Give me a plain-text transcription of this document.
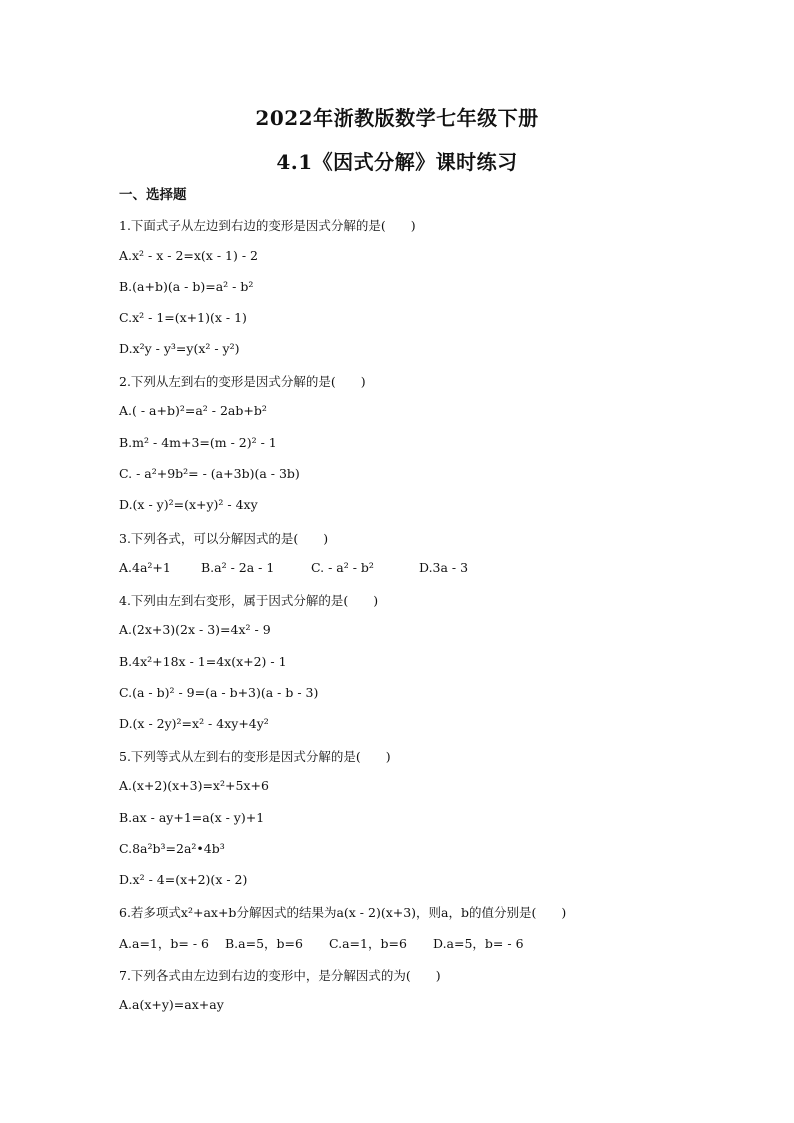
2022年浙教版数学七年级下册
4.1《因式分解》课时练习
一、选择题
1.下面式子从左边到右边的变形是因式分解的是(　　)
A.x² - x - 2=x(x - 1) - 2
B.(a+b)(a - b)=a² - b²
C.x² - 1=(x+1)(x - 1)
D.x²y - y³=y(x² - y²)
2.下列从左到右的变形是因式分解的是(　　)
A.( - a+b)²=a² - 2ab+b²
B.m² - 4m+3=(m - 2)² - 1
C. - a²+9b²= - (a+3b)(a - 3b)
D.(x - y)²=(x+y)² - 4xy
3.下列各式，可以分解因式的是(　　)
A.4a²+1 B.a² - 2a - 1	C. - a² - b²	D.3a - 3
4.下列由左到右变形，属于因式分解的是(　　)
A.(2x+3)(2x - 3)=4x² - 9
B.4x²+18x - 1=4x(x+2) - 1
C.(a - b)² - 9=(a - b+3)(a - b - 3)
D.(x - 2y)²=x² - 4xy+4y²
5.下列等式从左到右的变形是因式分解的是(　　)
A.(x+2)(x+3)=x²+5x+6
B.ax - ay+1=a(x - y)+1
C.8a²b³=2a²•4b³
D.x² - 4=(x+2)(x - 2)
6.若多项式x²+ax+b分解因式的结果为a(x - 2)(x+3)，则a，b的值分别是(　　)
A.a=1，b= - 6 B.a=5，b=6 C.a=1，b=6 D.a=5，b= - 6
7.下列各式由左边到右边的变形中，是分解因式的为(　　)
A.a(x+y)=ax+ay
